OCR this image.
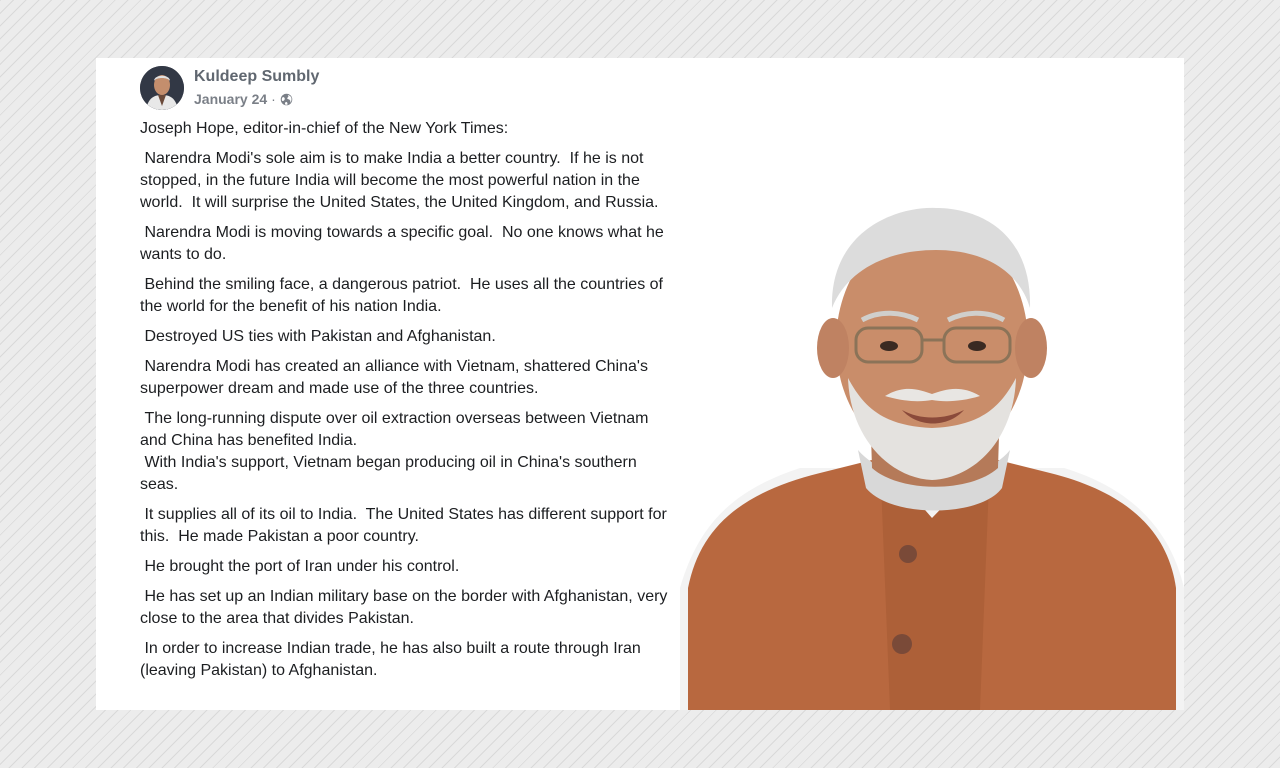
Kuldeep Sumbly
January 24 ·

Joseph Hope, editor-in-chief of the New York Times:

Narendra Modi's sole aim is to make India a better country.  If he is not stopped, in the future India will become the most powerful nation in the world.  It will surprise the United States, the United Kingdom, and Russia.

Narendra Modi is moving towards a specific goal.  No one knows what he wants to do.

Behind the smiling face, a dangerous patriot.  He uses all the countries of the world for the benefit of his nation India.

Destroyed US ties with Pakistan and Afghanistan.

Narendra Modi has created an alliance with Vietnam, shattered China's superpower dream and made use of the three countries.

The long-running dispute over oil extraction overseas between Vietnam and China has benefited India.
With India's support, Vietnam began producing oil in China's southern seas.

It supplies all of its oil to India.  The United States has different support for this.  He made Pakistan a poor country.

He brought the port of Iran under his control.

He has set up an Indian military base on the border with Afghanistan, very close to the area that divides Pakistan.

In order to increase Indian trade, he has also built a route through Iran (leaving Pakistan) to Afghanistan.
